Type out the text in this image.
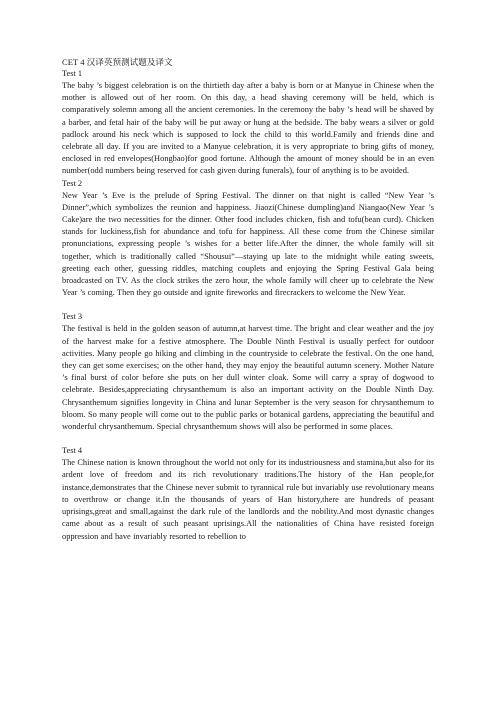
CET 4 汉译英预测试题及译文
Test 1

The baby ’s biggest celebration is on the thirtieth day after a baby is born or at Manyue in Chinese when the mother is allowed out of her room. On this day, a head shaving ceremony will be held, which is comparatively solemn among all the ancient ceremonies. In the ceremony the baby ’s head will be shaved by a barber, and fetal hair of the baby will be put away or hung at the bedside. The baby wears a silver or gold padlock around his neck which is supposed to lock the child to this world.Family and friends dine and celebrate all day. If you are invited to a Manyue celebration, it is very appropriate to bring gifts of money, enclosed in red envelopes(Hongbao)for good fortune. Although the amount of money should be in an even number(odd numbers being reserved for cash given during funerals), four of anything is to be avoided.

Test 2

New Year ’s Eve is the prelude of Spring Festival. The dinner on that night is called “New Year ’s Dinner”,which symbolizes the reunion and happiness. Jiaozi(Chinese dumpling)and Niangao(New Year ’s Cake)are the two necessities for the dinner. Other food includes chicken, fish and tofu(bean curd). Chicken stands for luckiness,fish for abundance and tofu for happiness. All these come from the Chinese similar pronunciations, expressing people ’s wishes for a better life.After the dinner, the whole family will sit together, which is traditionally called “Shousui”—staying up late to the midnight while eating sweets, greeting each other, guessing riddles, matching couplets and enjoying the Spring Festival Gala being broadcasted on TV. As the clock strikes the zero hour, the whole family will cheer up to celebrate the New Year ’s coming. Then they go outside and ignite fireworks and firecrackers to welcome the New Year.

Test 3

The festival is held in the golden season of autumn,at harvest time. The bright and clear weather and the joy of the harvest make for a festive atmosphere. The Double Ninth Festival is usually perfect for outdoor activities. Many people go hiking and climbing in the countryside to celebrate the festival. On the one hand, they can get some exercises; on the other hand, they may enjoy the beautiful autumn scenery. Mother Nature ’s final burst of color before she puts on her dull winter cloak. Some will carry a spray of dogwood to celebrate. Besides,appreciating chrysanthemum is also an important activity on the Double Ninth Day. Chrysanthemum signifies longevity in China and lunar September is the very season for chrysanthemum to bloom. So many people will come out to the public parks or botanical gardens, appreciating the beautiful and wonderful chrysanthemum. Special chrysanthemum shows will also be performed in some places.

Test 4

The Chinese nation is known throughout the world not only for its industriousness and stamina,but also for its ardent love of freedom and its rich revolutionary traditions.The history of the Han people,for instance,demonstrates that the Chinese never submit to tyrannical rule but invariably use revolutionary means to overthrow or change it.In the thousands of years of Han history,there are hundreds of peasant uprisings,great and small,against the dark rule of the landlords and the nobility.And most dynastic changes came about as a result of such peasant uprisings.All the nationalities of China have resisted foreign oppression and have invariably resorted to rebellion to
